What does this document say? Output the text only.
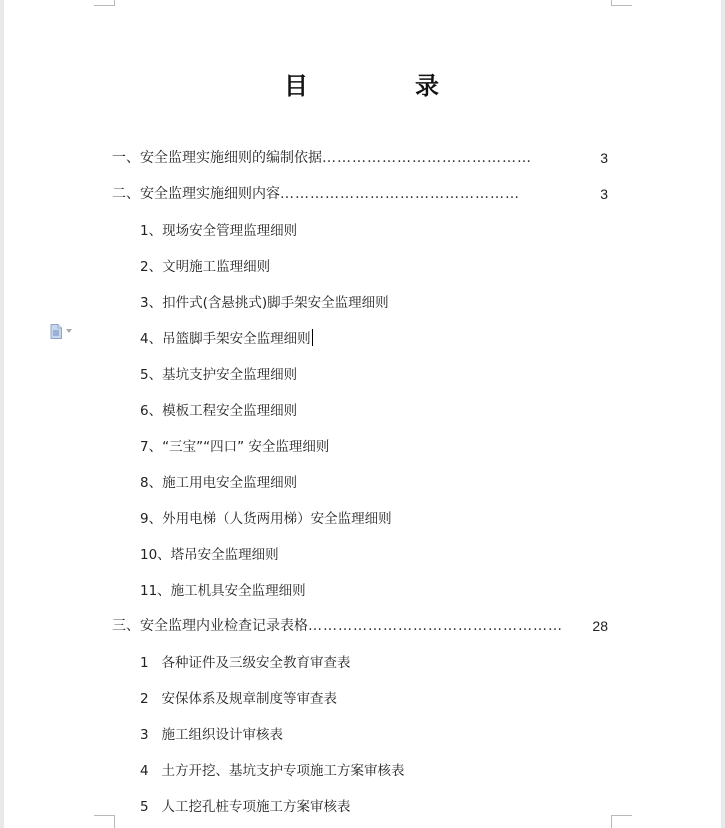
目	录
一、安全监理实施细则的编制依据 ……………………………………	3
二、安全监理实施细则内容 …………………………………………	3
1、现场安全管理监理细则
2、文明施工监理细则
3、扣件式(含悬挑式)脚手架安全监理细则
4、吊篮脚手架安全监理细则
5、基坑支护安全监理细则
6、模板工程安全监理细则
7、“三宝”“四口” 安全监理细则
8、施工用电安全监理细则
9、外用电梯（人货两用梯）安全监理细则
10、塔吊安全监理细则
11、施工机具安全监理细则
三、安全监理内业检查记录表格 ……………………………………………	28
1   各种证件及三级安全教育审查表
2   安保体系及规章制度等审查表
3   施工组织设计审核表
4   土方开挖、基坑支护专项施工方案审核表
5   人工挖孔桩专项施工方案审核表
